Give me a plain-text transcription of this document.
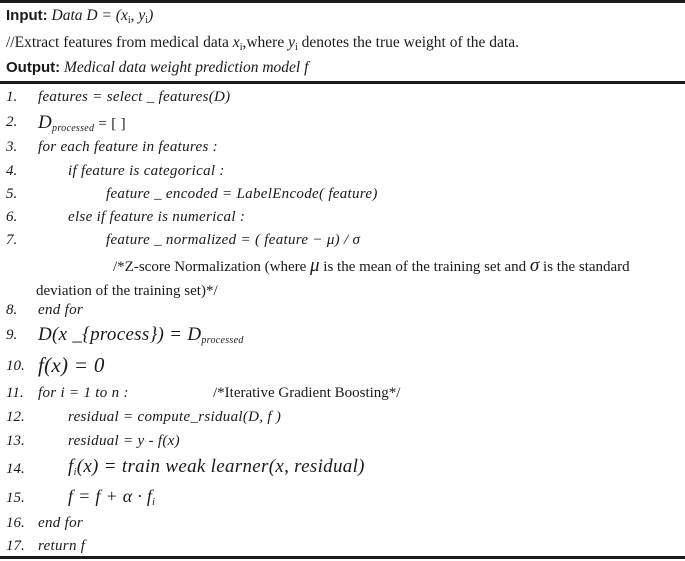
Input: Data $D = (x_i$, $y_i$)
//Extract features from medical data $x_i,where$ $y_i$ denotes the true weight of the data.
Output: Medical data weight prediction model f
1. features = select _ features(D)
2. $D_{processed}$ = [ ]
3. for each feature in features :
4.	if feature is categorical :
5.	feature _ encoded = LabelEncode( feature)
6.	else if feature is numerical :
7.	feature _ normalized = ( feature − μ) / σ
/*Z-score Normalization (where μ is the mean of the training set and σ is the standard
deviation of the training set)*/
8. end for
9. D(x _{process}) = $D_{processed}$
10. f(x) = 0
11. for i = 1 to n :	/*Iterative Gradient Boosting*/
12.	residual = compute_rsidual(D, f )
13.	residual = y - f(x)
14. $f_i(x)$ = train weak learner(x, residual)
15. $f = f + \alpha \cdot f_i$
16. end for
17. return f
